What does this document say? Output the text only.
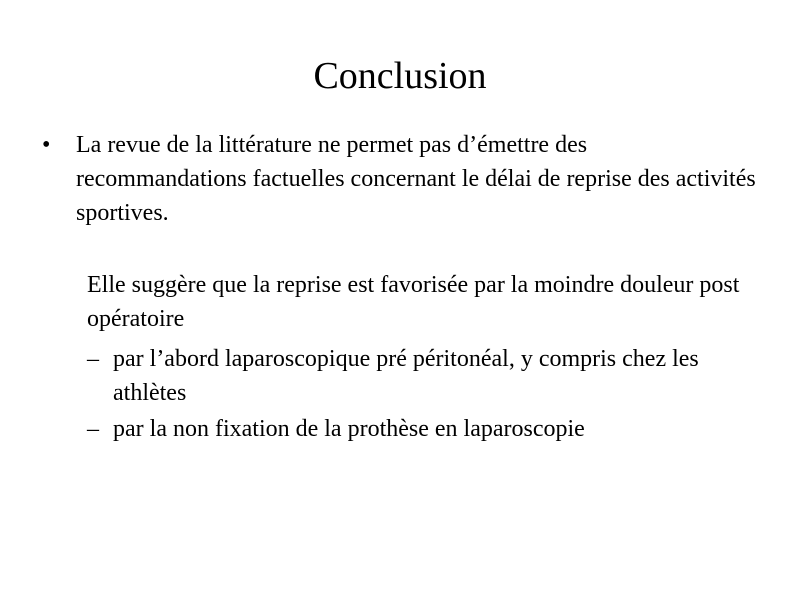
Conclusion
•	La revue de la littérature ne permet pas d’émettre des recommandations factuelles concernant le délai de reprise des activités sportives.

Elle suggère que la reprise est favorisée par la moindre douleur post opératoire

– par l’abord laparoscopique pré péritonéal, y compris chez les athlètes
– par la non fixation de la prothèse en laparoscopie
